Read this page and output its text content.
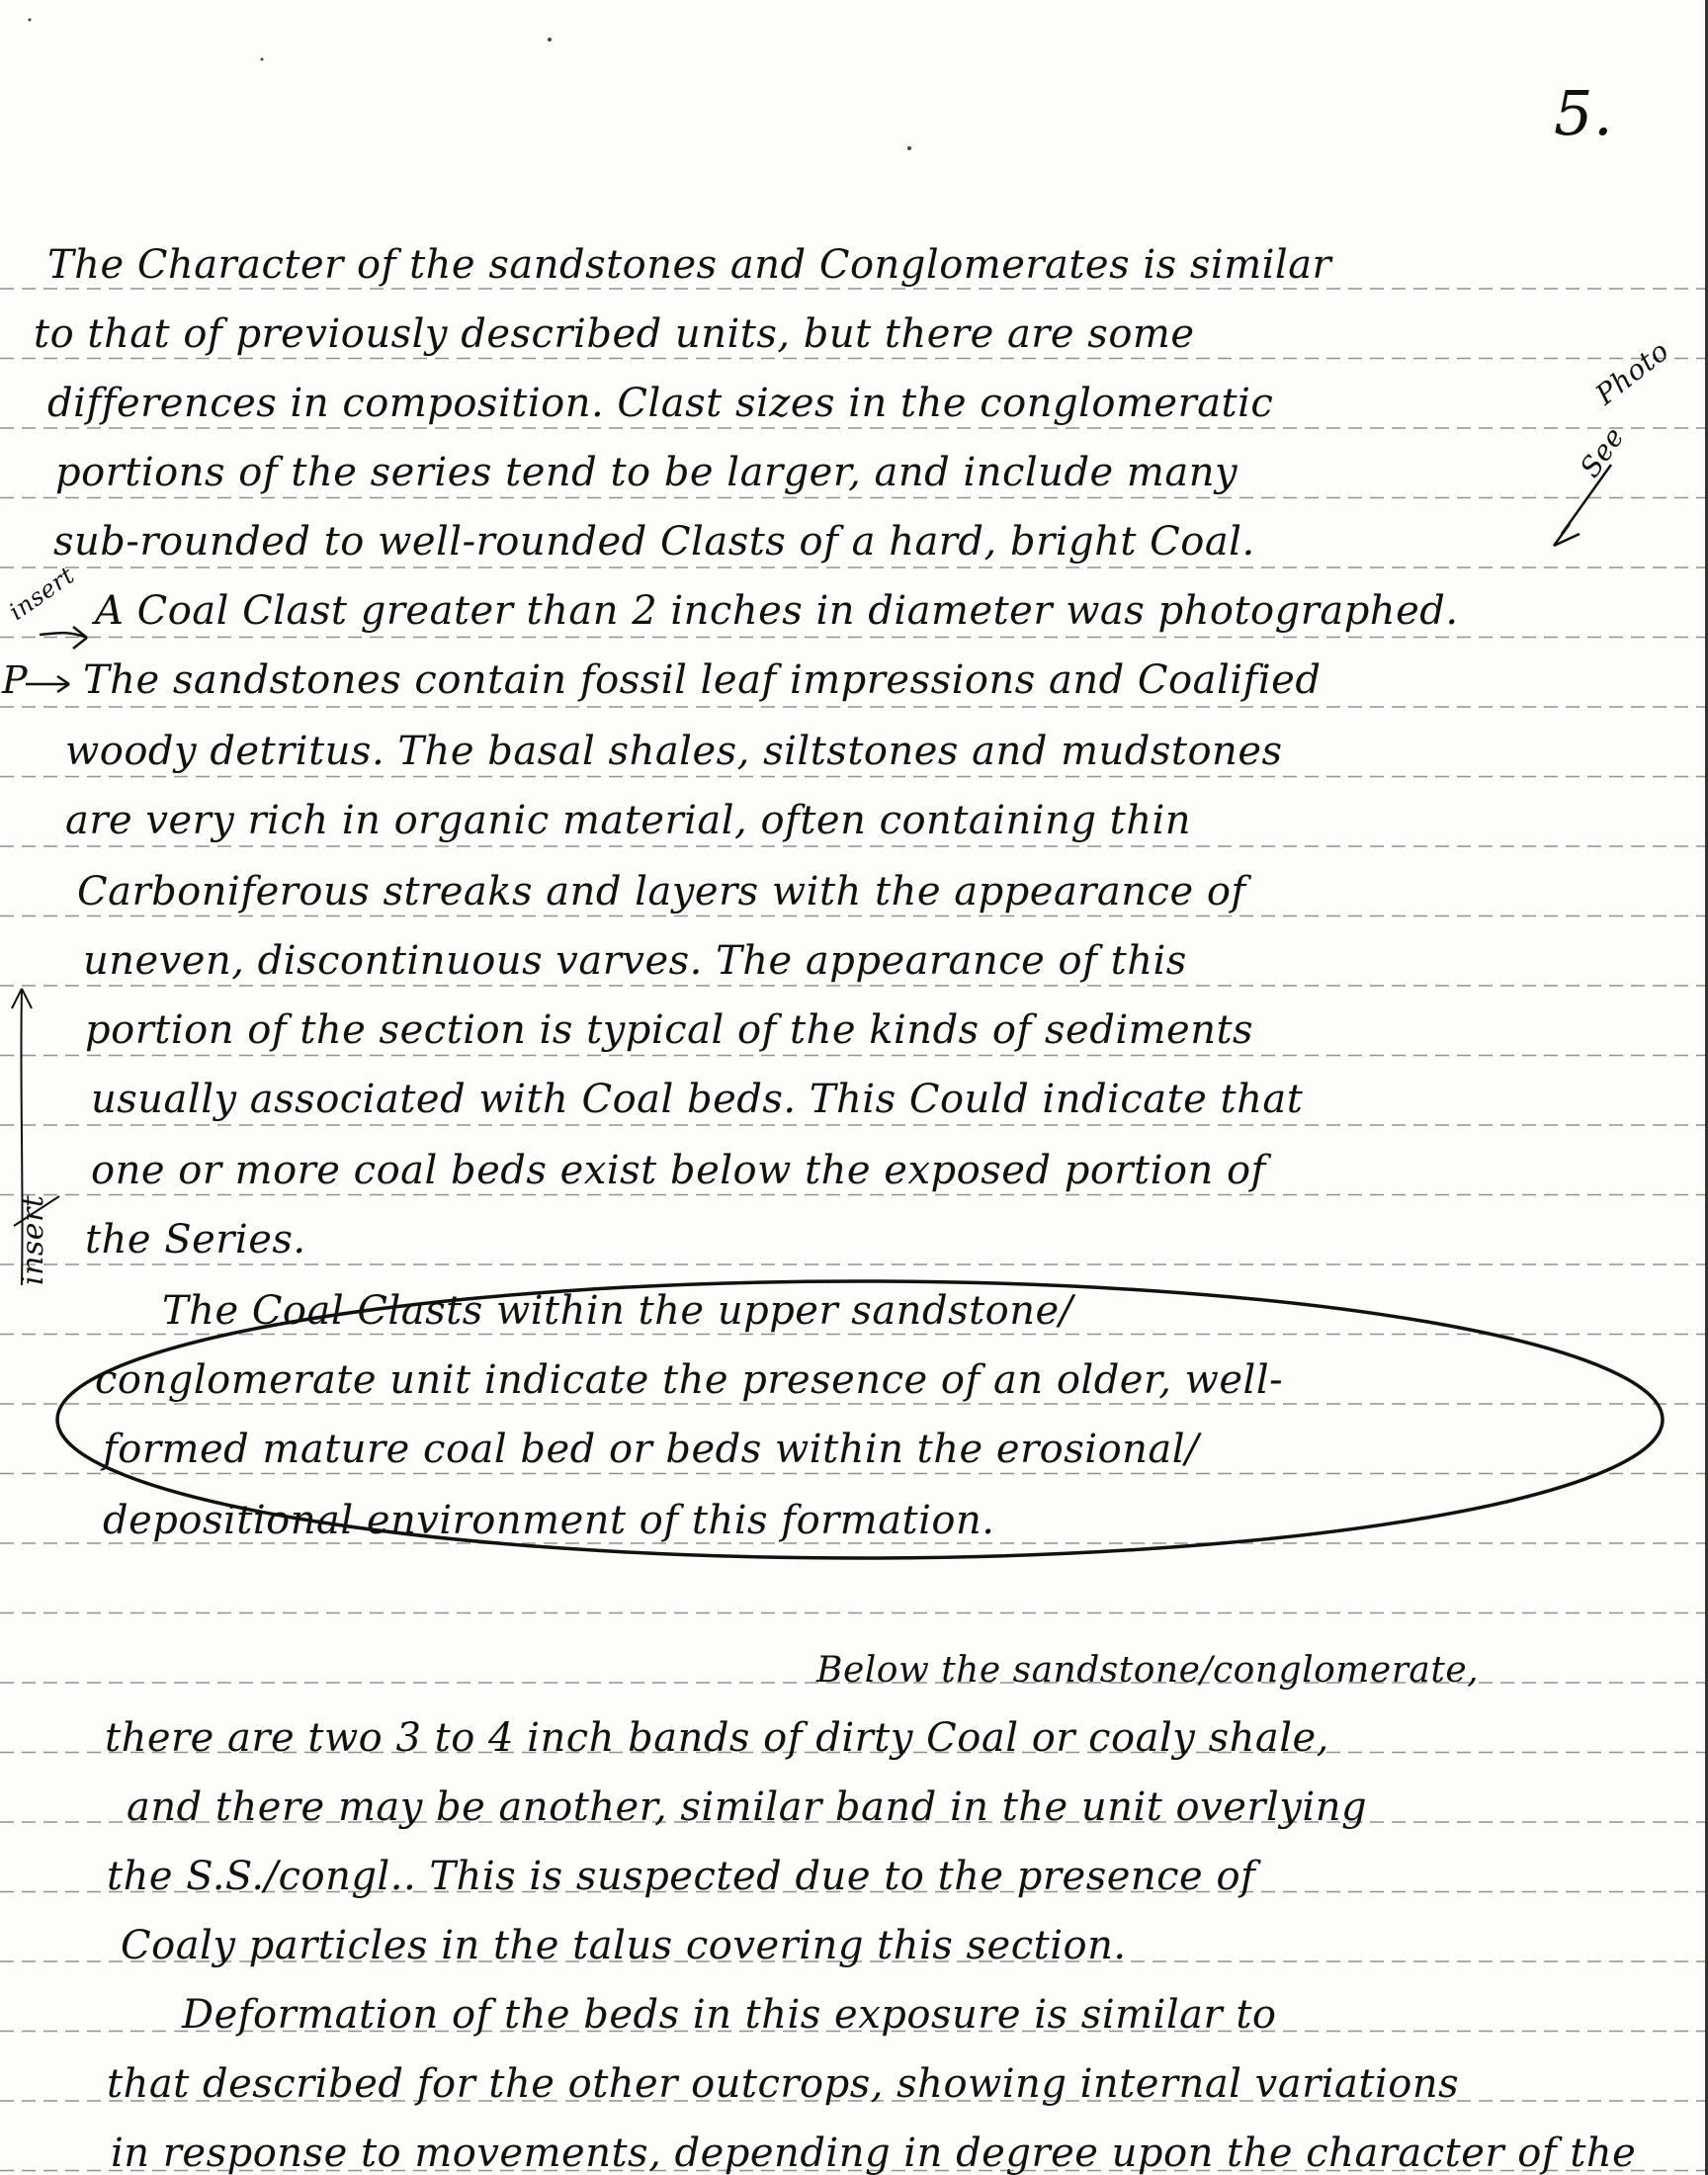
5.
Photo
See
insert
P
insert
The Character of the sandstones and Conglomerates is similar
to that of previously described units, but there are some
differences in composition. Clast sizes in the conglomeratic
portions of the series tend to be larger, and include many
sub-rounded to well-rounded Clasts of a hard, bright Coal.
A Coal Clast greater than 2 inches in diameter was photographed.
The sandstones contain fossil leaf impressions and Coalified
woody detritus. The basal shales, siltstones and mudstones
are very rich in organic material, often containing thin
Carboniferous streaks and layers with the appearance of
uneven, discontinuous varves. The appearance of this
portion of the section is typical of the kinds of sediments
usually associated with Coal beds. This Could indicate that
one or more coal beds exist below the exposed portion of
the Series.
The Coal Clasts within the upper sandstone/
conglomerate unit indicate the presence of an older, well-
formed mature coal bed or beds within the erosional/
depositional environment of this formation.
Below the sandstone/conglomerate,
there are two 3 to 4 inch bands of dirty Coal or coaly shale,
and there may be another, similar band in the unit overlying
the S.S./congl.. This is suspected due to the presence of
Coaly particles in the talus covering this section.
Deformation of the beds in this exposure is similar to
that described for the other outcrops, showing internal variations
in response to movements, depending in degree upon the character of the
